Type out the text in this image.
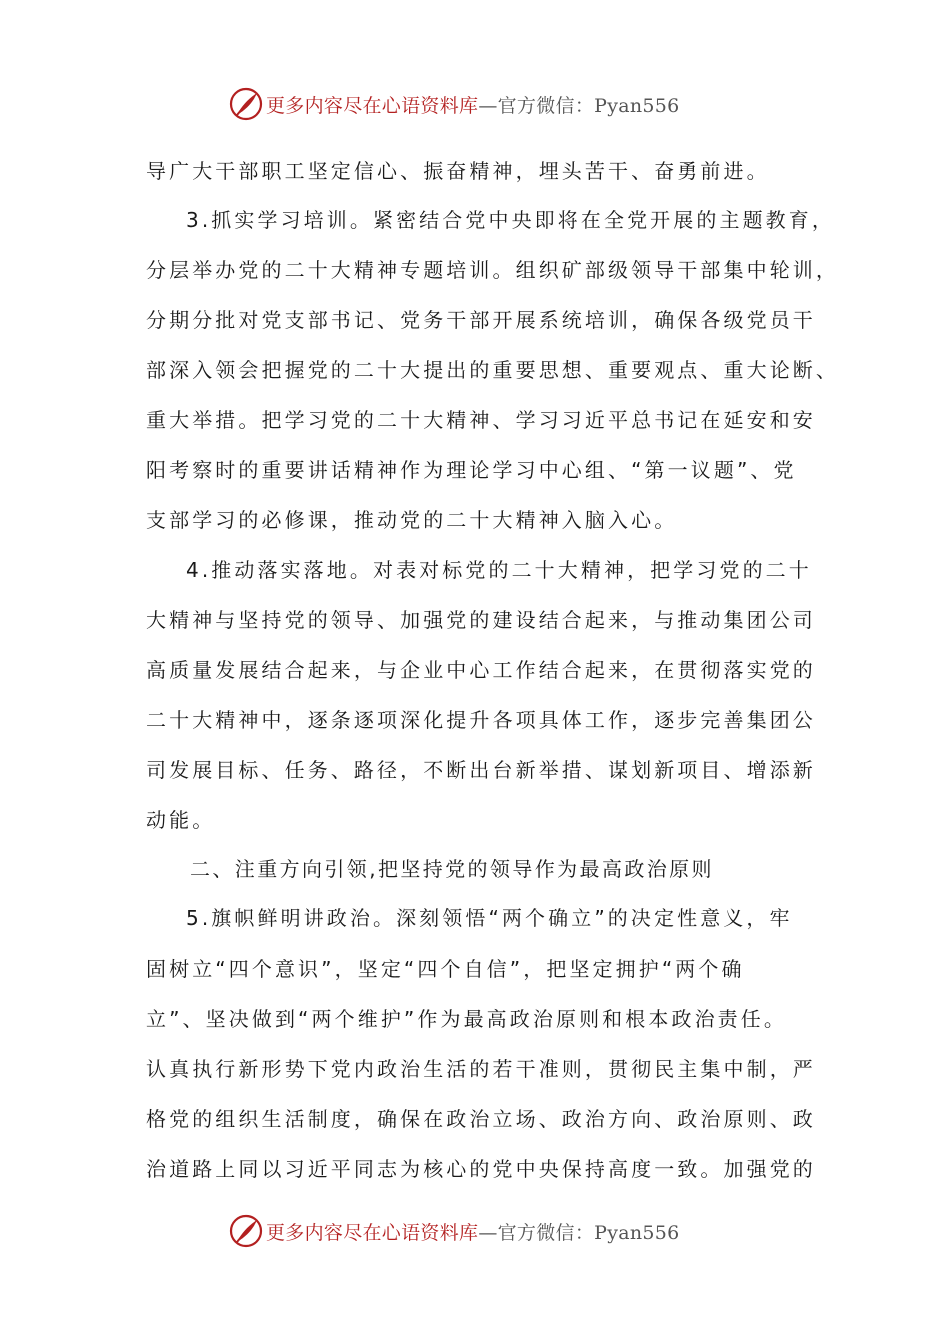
更多内容尽在心语资料库—官方微信：Pyan556
导广大干部职工坚定信心、振奋精神，埋头苦干、奋勇前进。
3.抓实学习培训。紧密结合党中央即将在全党开展的主题教育，
分层举办党的二十大精神专题培训。组织矿部级领导干部集中轮训，
分期分批对党支部书记、党务干部开展系统培训，确保各级党员干
部深入领会把握党的二十大提出的重要思想、重要观点、重大论断、
重大举措。把学习党的二十大精神、学习习近平总书记在延安和安
阳考察时的重要讲话精神作为理论学习中心组、“第一议题”、党
支部学习的必修课，推动党的二十大精神入脑入心。
4.推动落实落地。对表对标党的二十大精神，把学习党的二十
大精神与坚持党的领导、加强党的建设结合起来，与推动集团公司
高质量发展结合起来，与企业中心工作结合起来，在贯彻落实党的
二十大精神中，逐条逐项深化提升各项具体工作，逐步完善集团公
司发展目标、任务、路径，不断出台新举措、谋划新项目、增添新
动能。
二、注重方向引领,把坚持党的领导作为最高政治原则
5.旗帜鲜明讲政治。深刻领悟“两个确立”的决定性意义，牢
固树立“四个意识”，坚定“四个自信”，把坚定拥护“两个确
立”、坚决做到“两个维护”作为最高政治原则和根本政治责任。
认真执行新形势下党内政治生活的若干准则，贯彻民主集中制，严
格党的组织生活制度，确保在政治立场、政治方向、政治原则、政
治道路上同以习近平同志为核心的党中央保持高度一致。加强党的
更多内容尽在心语资料库—官方微信：Pyan556
